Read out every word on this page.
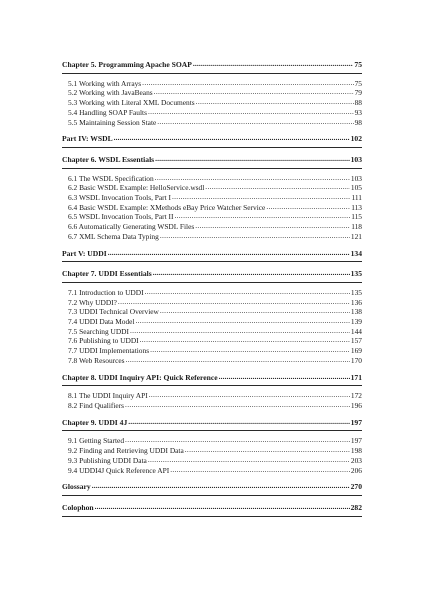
Chapter 5. Programming Apache SOAP .....	75
5.1 Working with Arrays .....	75
5.2 Working with JavaBeans .....	79
5.3 Working with Literal XML Documents .....	88
5.4 Handling SOAP Faults .....	93
5.5 Maintaining Session State .....	98
Part IV: WSDL .....	102
Chapter 6. WSDL Essentials .....	103
6.1 The WSDL Specification .....	103
6.2 Basic WSDL Example: HelloService.wsdl .....	105
6.3 WSDL Invocation Tools, Part I .....	111
6.4 Basic WSDL Example: XMethods eBay Price Watcher Service .....	113
6.5 WSDL Invocation Tools, Part II .....	115
6.6 Automatically Generating WSDL Files .....	118
6.7 XML Schema Data Typing .....	121
Part V: UDDI .....	134
Chapter 7. UDDI Essentials .....	135
7.1 Introduction to UDDI .....	135
7.2 Why UDDI? .....	136
7.3 UDDI Technical Overview .....	138
7.4 UDDI Data Model .....	139
7.5 Searching UDDI .....	144
7.6 Publishing to UDDI .....	157
7.7 UDDI Implementations .....	169
7.8 Web Resources .....	170
Chapter 8. UDDI Inquiry API: Quick Reference .....	171
8.1 The UDDI Inquiry API .....	172
8.2 Find Qualifiers .....	196
Chapter 9. UDDI 4J .....	197
9.1 Getting Started .....	197
9.2 Finding and Retrieving UDDI Data .....	198
9.3 Publishing UDDI Data .....	203
9.4 UDDI4J Quick Reference API .....	206
Glossary .....	270
Colophon .....	282
